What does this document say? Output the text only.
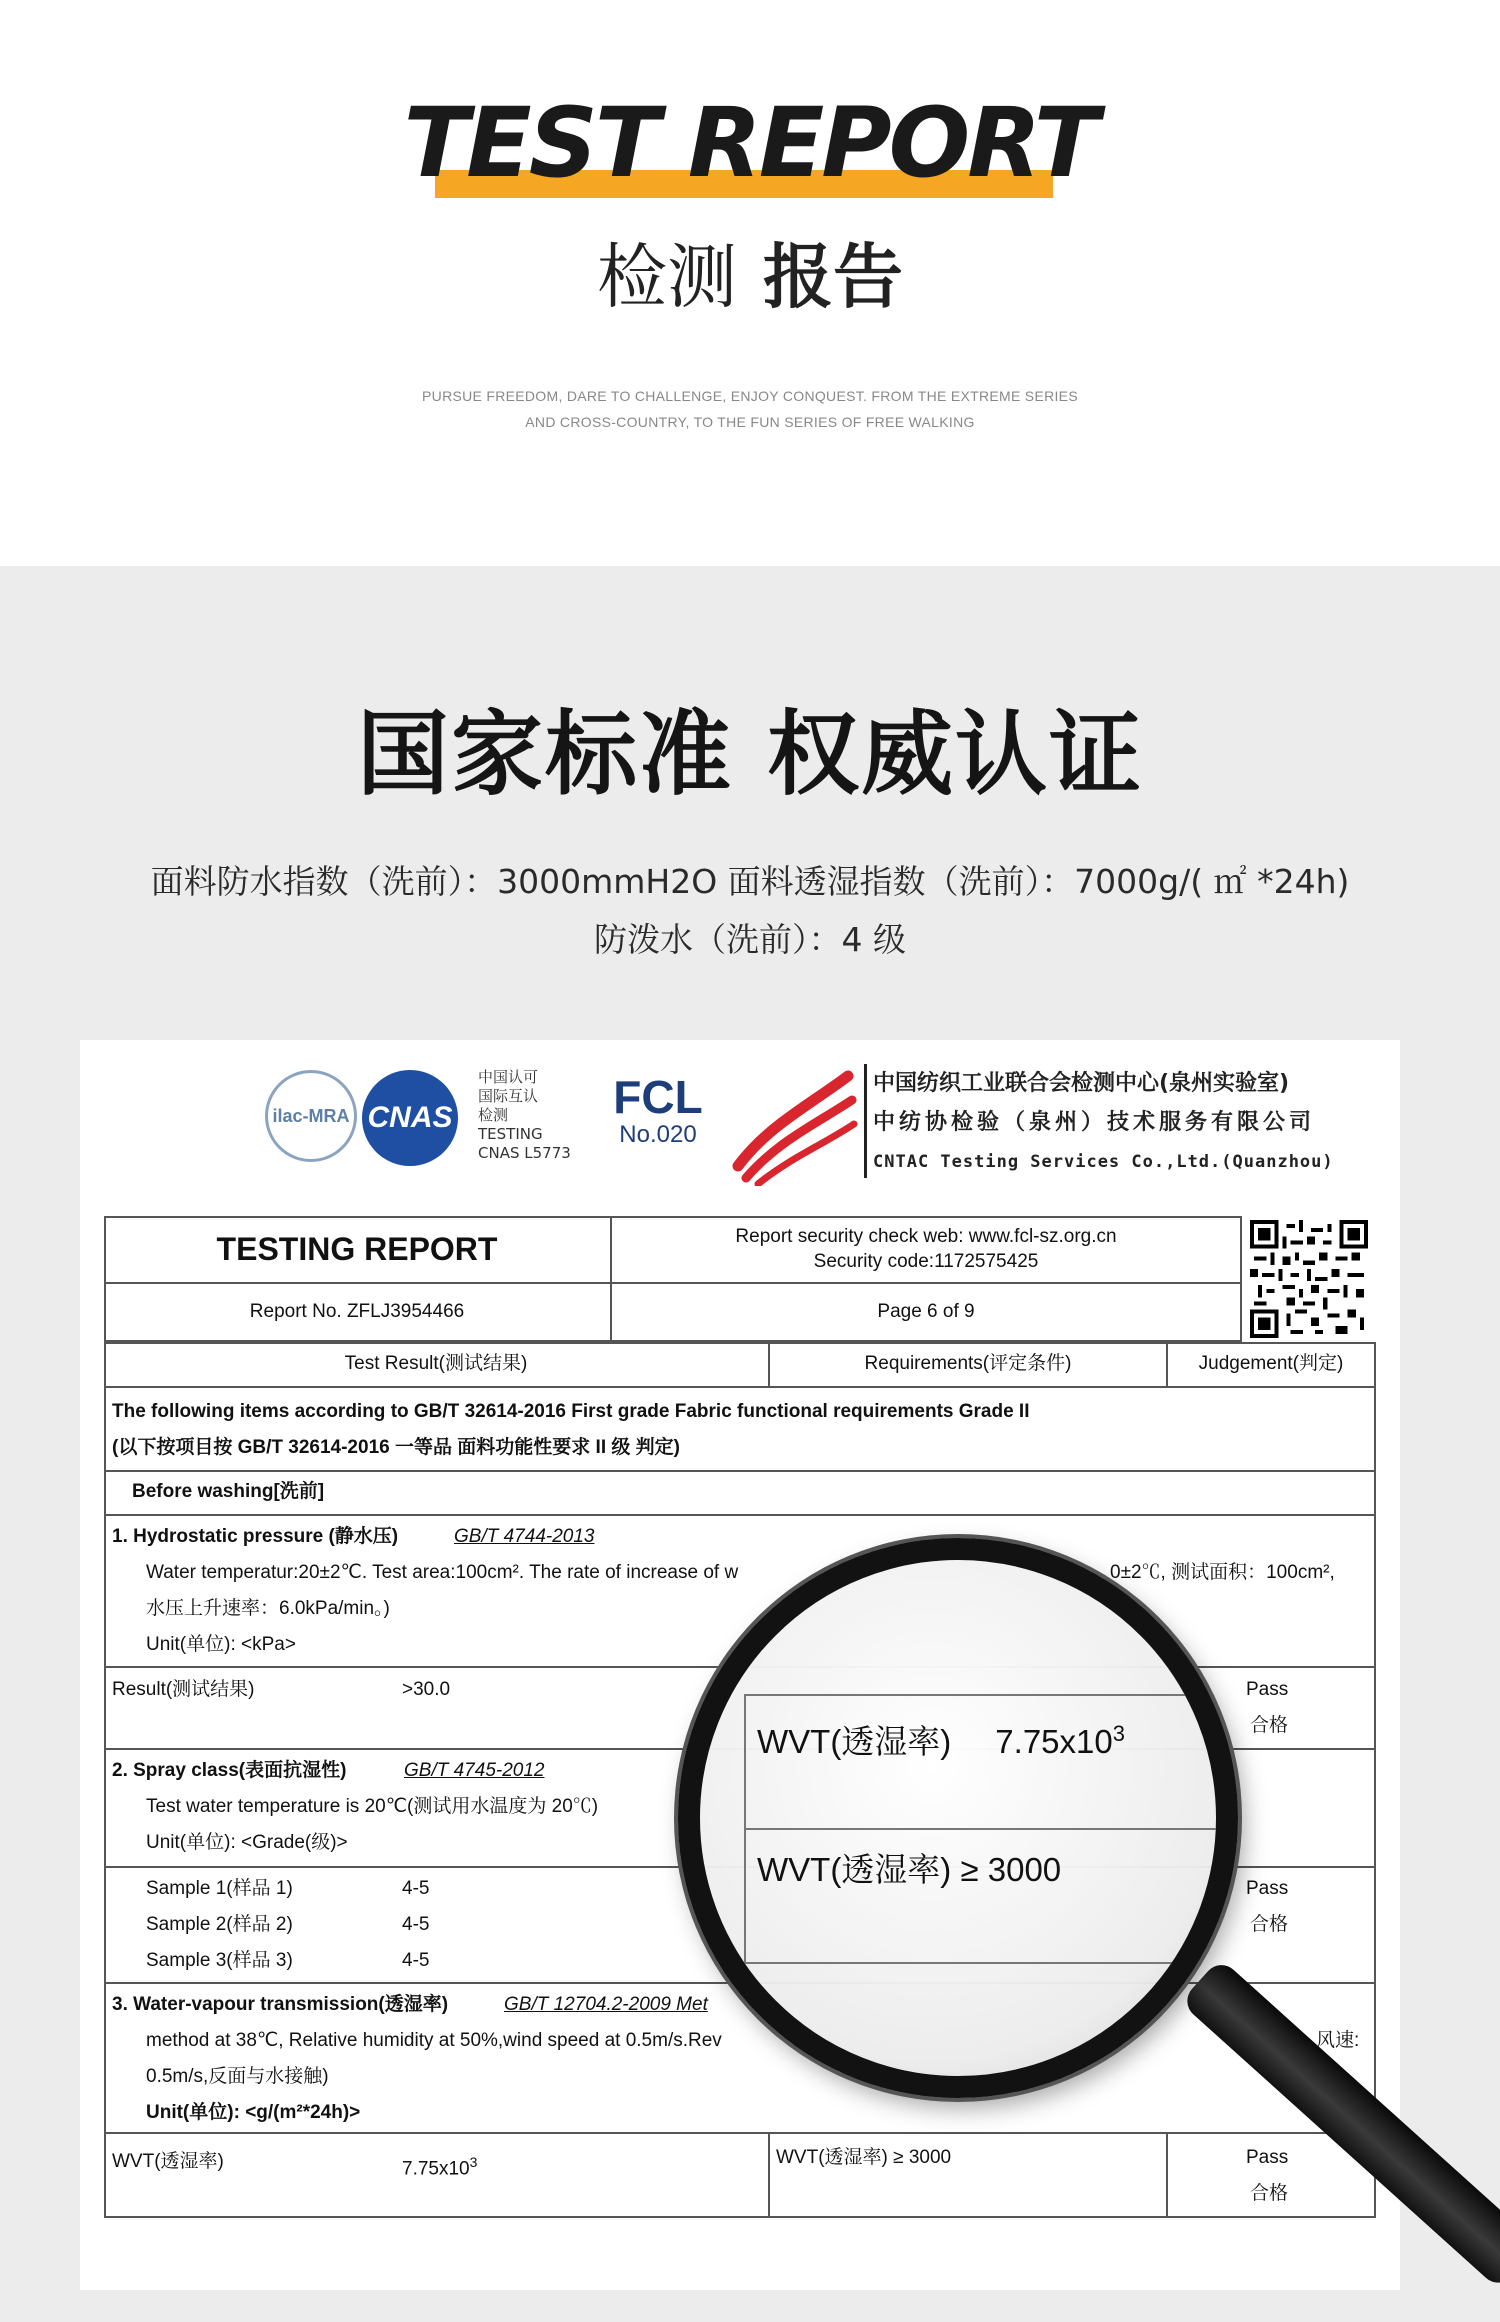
TEST REPORT
检测 报告
PURSUE FREEDOM, DARE TO CHALLENGE, ENJOY CONQUEST. FROM THE EXTREME SERIES
AND CROSS-COUNTRY, TO THE FUN SERIES OF FREE WALKING
国家标准 权威认证
面料防水指数（洗前）：3000mmH2O 面料透湿指数（洗前）：7000g/( ㎡ *24h)
防泼水（洗前）：4 级
ilac-MRA CNAS
中国认可
国际互认
检测
TESTING
CNAS L5773
FCL
No.020
中国纺织工业联合会检测中心(泉州实验室)
中纺协检验（泉州）技术服务有限公司
CNTAC Testing Services Co.,Ltd.(Quanzhou)
TESTING REPORT	Report security check web: www.fcl-sz.org.cn
Security code:1172575425
Report No. ZFLJ3954466	Page 6 of 9
Test Result(测试结果)	Requirements(评定条件)	Judgement(判定)
The following items according to GB/T 32614-2016 First grade Fabric functional requirements Grade II
(以下按项目按 GB/T 32614-2016 一等品 面料功能性要求 II 级 判定)
Before washing[洗前]
1. Hydrostatic pressure (静水压)	GB/T 4744-2013
Water temperatur:20±2℃. Test area:100cm². The rate of increase of w	0±2℃, 测试面积：100cm²,
水压上升速率：6.0kPa/min。)
Unit(单位): <kPa>
Result(测试结果)	>30.0	Pass
合格
2. Spray class(表面抗湿性)	GB/T 4745-2012
Test water temperature is 20℃(测试用水温度为 20℃)
Unit(单位): <Grade(级)>
Sample 1(样品 1)	4-5
Sample 2(样品 2)	4-5
Sample 3(样品 3)	4-5
Pass
合格
3. Water-vapour transmission(透湿率)	GB/T 12704.2-2009 Met
method at 38℃, Relative humidity at 50%,wind speed at 0.5m/s.Rev	风速:
0.5m/s,反面与水接触)
Unit(单位): <g/(m²*24h)>
WVT(透湿率)	$7.75x10^3$	WVT(透湿率) ≥ 3000	Pass
合格
WVT(透湿率) $7.75x10^3$
WVT(透湿率) ≥ 3000
